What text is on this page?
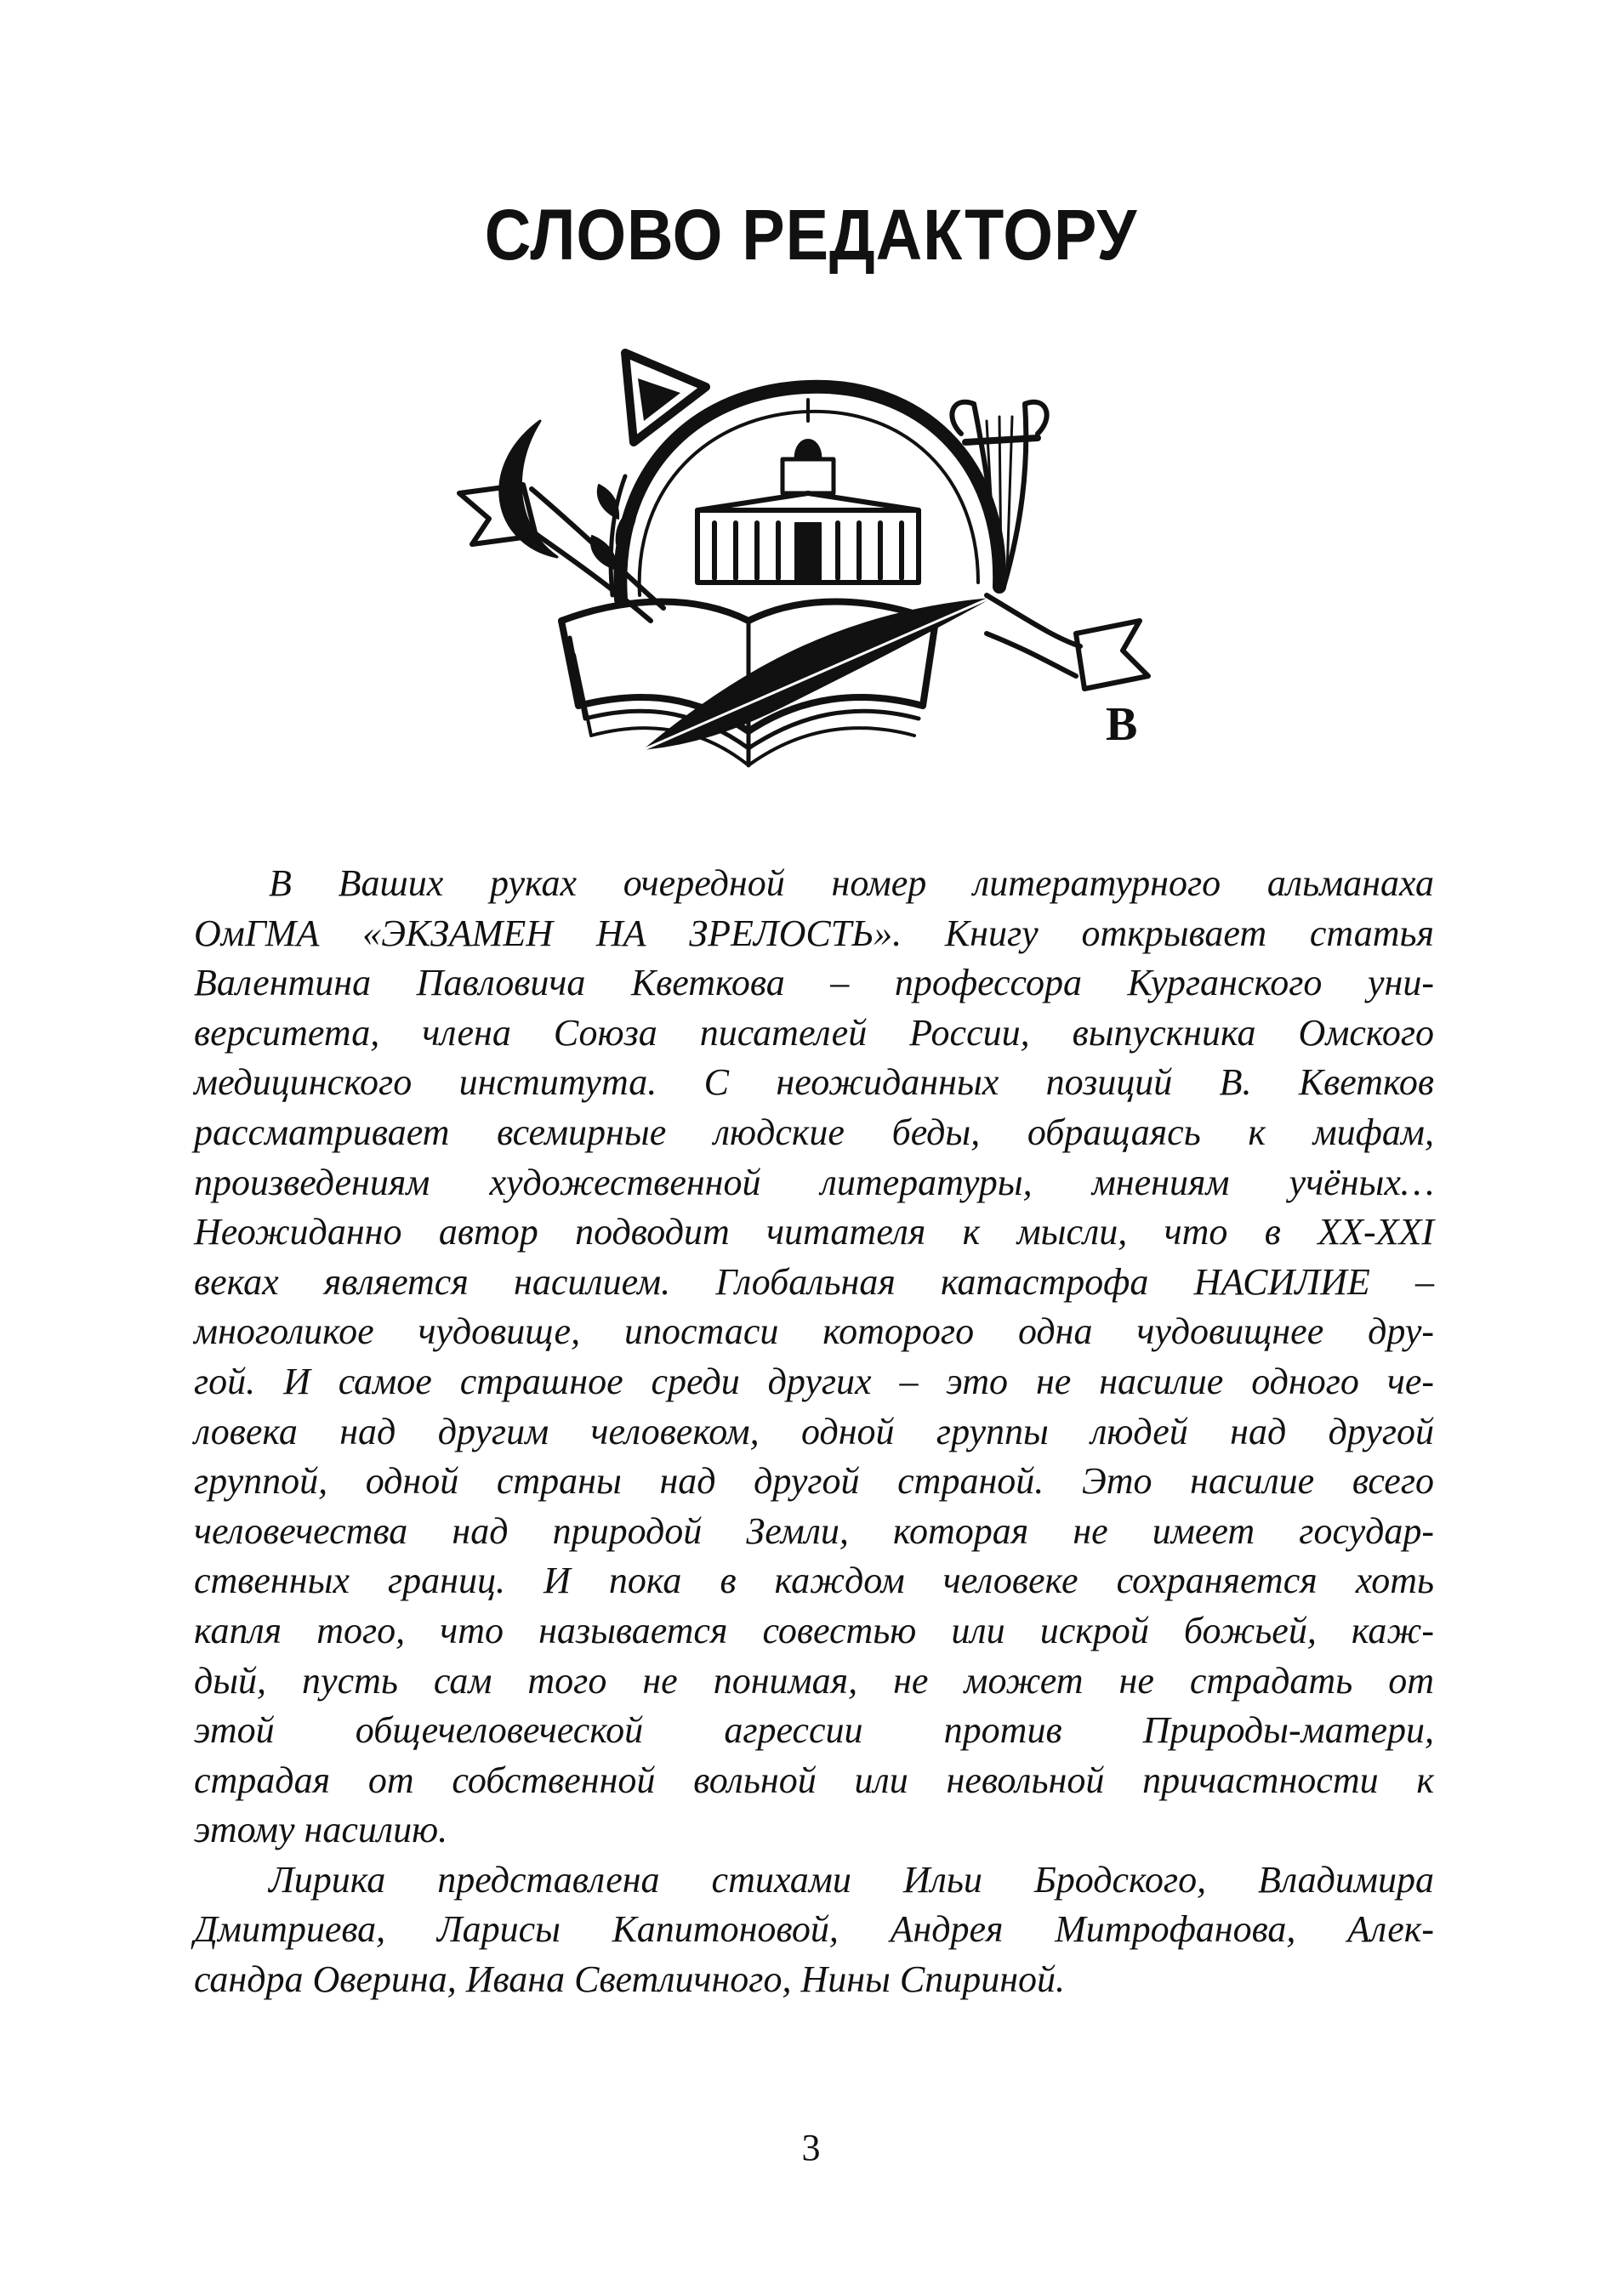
СЛОВО РЕДАКТОРУ
В
В Ваших руках очередной номер литературного альманаха
ОмГМА «ЭКЗАМЕН НА ЗРЕЛОСТЬ». Книгу открывает статья
Валентина Павловича Кветкова – профессора Курганского уни-
верситета, члена Союза писателей России, выпускника Омского
медицинского института. С неожиданных позиций В. Кветков
рассматривает всемирные людские беды, обращаясь к мифам,
произведениям художественной литературы, мнениям учёных…
Неожиданно автор подводит читателя к мысли, что в XX-XXI
веках является насилием. Глобальная катастрофа НАСИЛИЕ –
многоликое чудовище, ипостаси которого одна чудовищнее дру-
гой. И самое страшное среди других – это не насилие одного че-
ловека над другим человеком, одной группы людей над другой
группой, одной страны над другой страной. Это насилие всего
человечества над природой Земли, которая не имеет государ-
ственных границ. И пока в каждом человеке сохраняется хоть
капля того, что называется совестью или искрой божьей, каж-
дый, пусть сам того не понимая, не может не страдать от
этой общечеловеческой агрессии против Природы-матери,
страдая от собственной вольной или невольной причастности к
этому насилию.
Лирика представлена стихами Ильи Бродского, Владимира
Дмитриева, Ларисы Капитоновой, Андрея Митрофанова, Алек-
сандра Оверина, Ивана Светличного, Нины Спириной.
3
